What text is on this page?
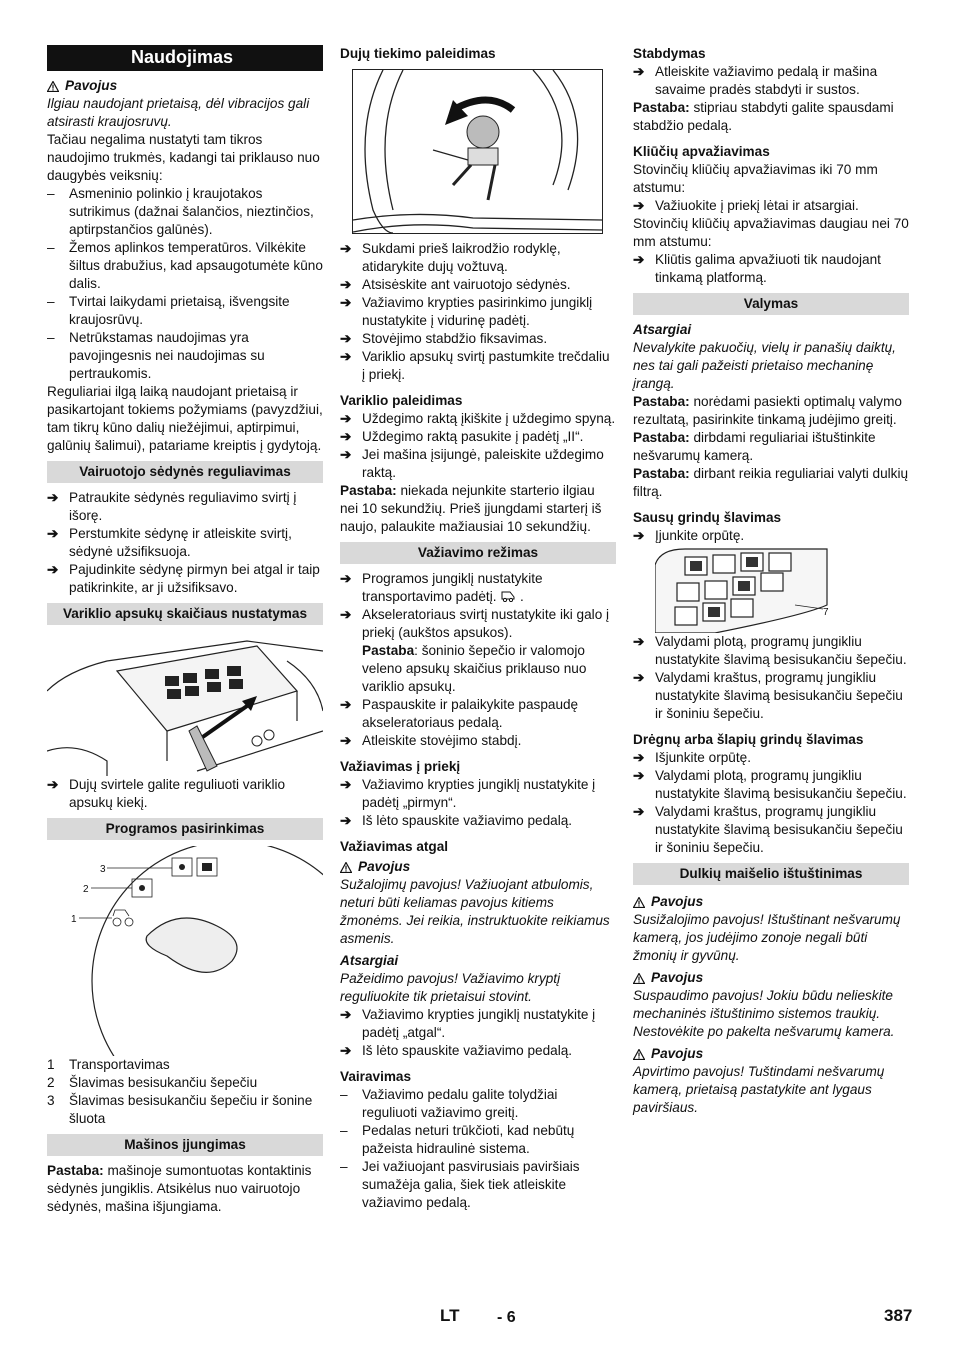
Naudojimas
Pavojus

Ilgiau naudojant prietaisą, dėl vibracijos gali atsirasti kraujosruvų.

Tačiau negalima nustatyti tam tikros naudojimo trukmės, kadangi tai priklauso nuo daugybės veiksnių:

–	Asmeninio polinkio į kraujotakos sutrikimus (dažnai šalančios, nieztinčios, aptirpstančios galūnės).
–	Žemos aplinkos temperatūros. Vilkėkite šiltus drabužius, kad apsaugotumėte kūno dalis.
–	Tvirtai laikydami prietaisą, išvengsite kraujosrūvų.
–	Netrūkstamas naudojimas yra pavojingesnis nei naudojimas su pertraukomis.

Reguliariai ilgą laiką naudojant prietaisą ir pasikartojant tokiems požymiams (pavyzdžiui, tam tikrų kūno dalių niežėjimui, aptirpimui, galūnių šalimui), patariame kreiptis į gydytoją.

Vairuotojo sėdynės reguliavimas
➔ Patraukite sėdynės reguliavimo svirtį į išorę.
➔ Perstumkite sėdynę ir atleiskite svirtį, sėdynė užsifiksuoja.
➔ Pajudinkite sėdynę pirmyn bei atgal ir taip patikrinkite, ar ji užsifiksavo.
Variklio apsukų skaičiaus nustatymas
➔ Dujų svirtele galite reguliuoti variklio apsukų kiekį.
Programos pasirinkimas
3
2
1
1	Transportavimas
2	Šlavimas besisukančiu šepečiu
3	Šlavimas besisukančiu šepečiu ir šonine šluota
Mašinos įjungimas

Pastaba: mašinoje sumontuotas kontaktinis sėdynės jungiklis. Atsikėlus nuo vairuotojo sėdynės, mašina išjungiama.

Dujų tiekimo paleidimas
➔ Sukdami prieš laikrodžio rodyklę, atidarykite dujų vožtuvą.
➔ Atsisėskite ant vairuotojo sėdynės.
➔ Važiavimo krypties pasirinkimo jungiklį nustatykite į vidurinę padėtį.
➔ Stovėjimo stabdžio fiksavimas.
➔ Variklio apsukų svirtį pastumkite trečdaliu į priekį.
Variklio paleidimas
➔ Uždegimo raktą įkiškite į uždegimo spyną.
➔ Uždegimo raktą pasukite į padėtį „II“.
➔ Jei mašina įsijungė, paleiskite uždegimo raktą.

Pastaba: niekada nejunkite starterio ilgiau nei 10 sekundžių. Prieš įjungdami starterį iš naujo, palaukite mažiausiai 10 sekundžių.

Važiavimo režimas
➔ Programos jungiklį nustatykite transportavimo padėtį.  .
➔ Akseleratoriaus svirtį nustatykite iki galo į priekį (aukštos apsukos).
Pastaba: šoninio šepečio ir valomojo veleno apsukų skaičius priklauso nuo variklio apsukų.
➔ Paspauskite ir palaikykite paspaudę akseleratoriaus pedalą.
➔ Atleiskite stovėjimo stabdį.
Važiavimas į priekį
➔ Važiavimo krypties jungiklį nustatykite į padėtį „pirmyn“.
➔ Iš lėto spauskite važiavimo pedalą.
Važiavimas atgal
Pavojus

Sužalojimų pavojus! Važiuojant atbulomis, neturi būti keliamas pavojus kitiems žmonėms. Jei reikia, instruktuokite reikiamus asmenis.

Atsargiai

Pažeidimo pavojus! Važiavimo kryptį reguliuokite tik prietaisui stovint.

➔ Važiavimo krypties jungiklį nustatykite į padėtį „atgal“.
➔ Iš lėto spauskite važiavimo pedalą.
Vairavimas
–	Važiavimo pedalu galite tolydžiai reguliuoti važiavimo greitį.
–	Pedalas neturi trūkčioti, kad nebūtų pažeista hidraulinė sistema.
–	Jei važiuojant pasvirusiais paviršiais sumažėja galia, šiek tiek atleiskite važiavimo pedalą.
Stabdymas
➔ Atleiskite važiavimo pedalą ir mašina savaime pradės stabdyti ir sustos.

Pastaba: stipriau stabdyti galite spausdami stabdžio pedalą.

Kliūčių apvažiavimas

Stovinčių kliūčių apvažiavimas iki 70 mm atstumu:

➔ Važiuokite į priekį lėtai ir atsargiai.

Stovinčių kliūčių apvažiavimas daugiau nei 70 mm atstumu:

➔ Kliūtis galima apvažiuoti tik naudojant tinkamą platformą.
Valymas
Atsargiai

Nevalykite pakuočių, vielų ir panašių daiktų, nes tai gali pažeisti prietaiso mechaninę įrangą.

Pastaba: norėdami pasiekti optimalų valymo rezultatą, pasirinkite tinkamą judėjimo greitį.

Pastaba: dirbdami reguliariai ištuštinkite nešvarumų kamerą.

Pastaba: dirbant reikia reguliariai valyti dulkių filtrą.

Sausų grindų šlavimas
➔ Įjunkite orpūtę.
7
➔ Valydami plotą, programų jungikliu nustatykite šlavimą besisukančiu šepečiu.
➔ Valydami kraštus, programų jungikliu nustatykite šlavimą besisukančiu šepečiu ir šoniniu šepečiu.
Drėgnų arba šlapių grindų šlavimas
➔ Išjunkite orpūtę.
➔ Valydami plotą, programų jungikliu nustatykite šlavimą besisukančiu šepečiu.
➔ Valydami kraštus, programų jungikliu nustatykite šlavimą besisukančiu šepečiu ir šoniniu šepečiu.
Dulkių maišelio ištuštinimas
Pavojus

Susižalojimo pavojus! Ištuštinant nešvarumų kamerą, jos judėjimo zonoje negali būti žmonių ir gyvūnų.

Pavojus

Suspaudimo pavojus! Jokiu būdu nelieskite mechaninės ištuštinimo sistemos traukių. Nestovėkite po pakelta nešvarumų kamera.

Pavojus

Apvirtimo pavojus! Tuštindami nešvarumų kamerą, prietaisą pastatykite ant lygaus paviršiaus.

LT - 6	387
